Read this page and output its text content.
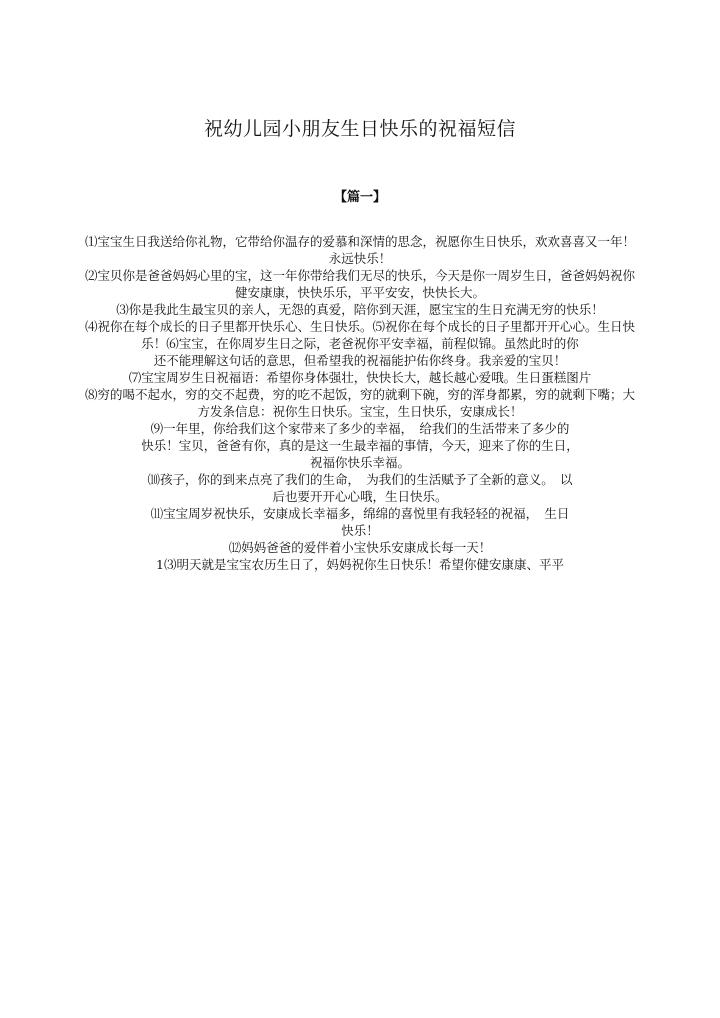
祝幼儿园小朋友生日快乐的祝福短信
【篇一】
⑴宝宝生日我送给你礼物，它带给你温存的爱慕和深情的思念，祝愿你生日快乐，欢欢喜喜又一年！
永远快乐！
⑵宝贝你是爸爸妈妈心里的宝，这一年你带给我们无尽的快乐，今天是你一周岁生日，爸爸妈妈祝你
健安康康，快快乐乐，平平安安，快快长大。
⑶你是我此生最宝贝的亲人，无怨的真爱，陪你到天涯，愿宝宝的生日充满无穷的快乐！
⑷祝你在每个成长的日子里都开快乐心、生日快乐。⑸祝你在每个成长的日子里都开开心心。生日快
乐！⑹宝宝，在你周岁生日之际，老爸祝你平安幸福，前程似锦。虽然此时的你
还不能理解这句话的意思，但希望我的祝福能护佑你终身。我亲爱的宝贝！
⑺宝宝周岁生日祝福语：希望你身体强壮，快快长大，越长越心爱哦。生日蛋糕图片
⑻穷的喝不起水，穷的交不起费，穷的吃不起饭，穷的就剩下碗，穷的浑身都累，穷的就剩下嘴；大
方发条信息：祝你生日快乐。宝宝，生日快乐，安康成长！
⑼一年里，你给我们这个家带来了多少的幸福，　给我们的生活带来了多少的
快乐！宝贝，爸爸有你，真的是这一生最幸福的事情，今天，迎来了你的生日，
祝福你快乐幸福。
⑽孩子，你的到来点亮了我们的生命，　为我们的生活赋予了全新的意义。　以
后也要开开心心哦，生日快乐。
⑾宝宝周岁祝快乐，安康成长幸福多，绵绵的喜悦里有我轻轻的祝福，　生日
快乐！
⑿妈妈爸爸的爱伴着小宝快乐安康成长每一天！
1⑶明天就是宝宝农历生日了，妈妈祝你生日快乐！希望你健安康康、平平
